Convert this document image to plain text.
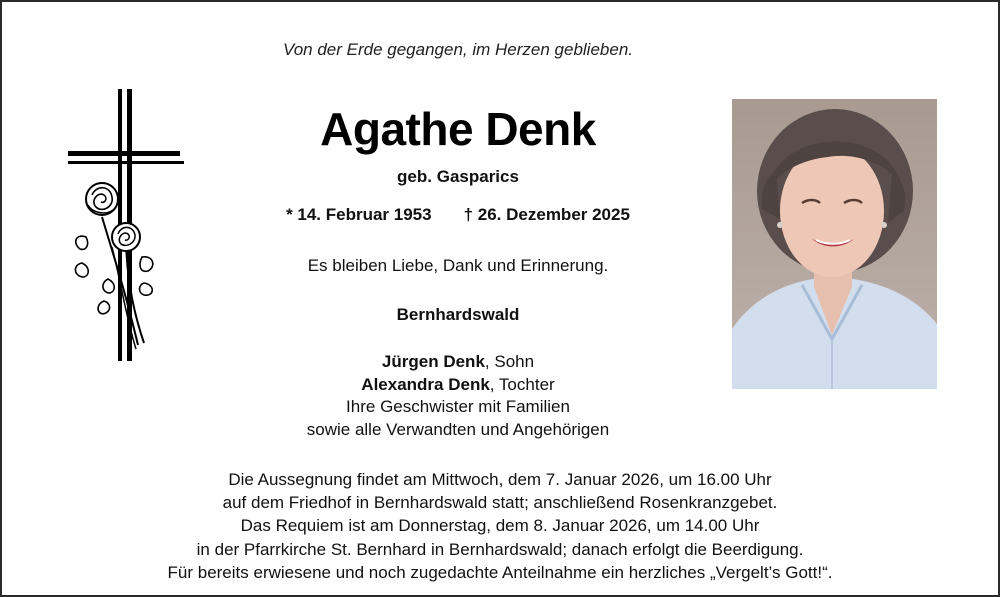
Von der Erde gegangen, im Herzen geblieben.
Agathe Denk
geb. Gasparics
* 14. Februar 1953 † 26. Dezember 2025
Es bleiben Liebe, Dank und Erinnerung.
Bernhardswald
Jürgen Denk, Sohn
Alexandra Denk, Tochter
Ihre Geschwister mit Familien
sowie alle Verwandten und Angehörigen
Die Aussegnung findet am Mittwoch, dem 7. Januar 2026, um 16.00 Uhr
auf dem Friedhof in Bernhardswald statt; anschließend Rosenkranzgebet.
Das Requiem ist am Donnerstag, dem 8. Januar 2026, um 14.00 Uhr
in der Pfarrkirche St. Bernhard in Bernhardswald; danach erfolgt die Beerdigung.
Für bereits erwiesene und noch zugedachte Anteilnahme ein herzliches „Vergelt’s Gott!“.
